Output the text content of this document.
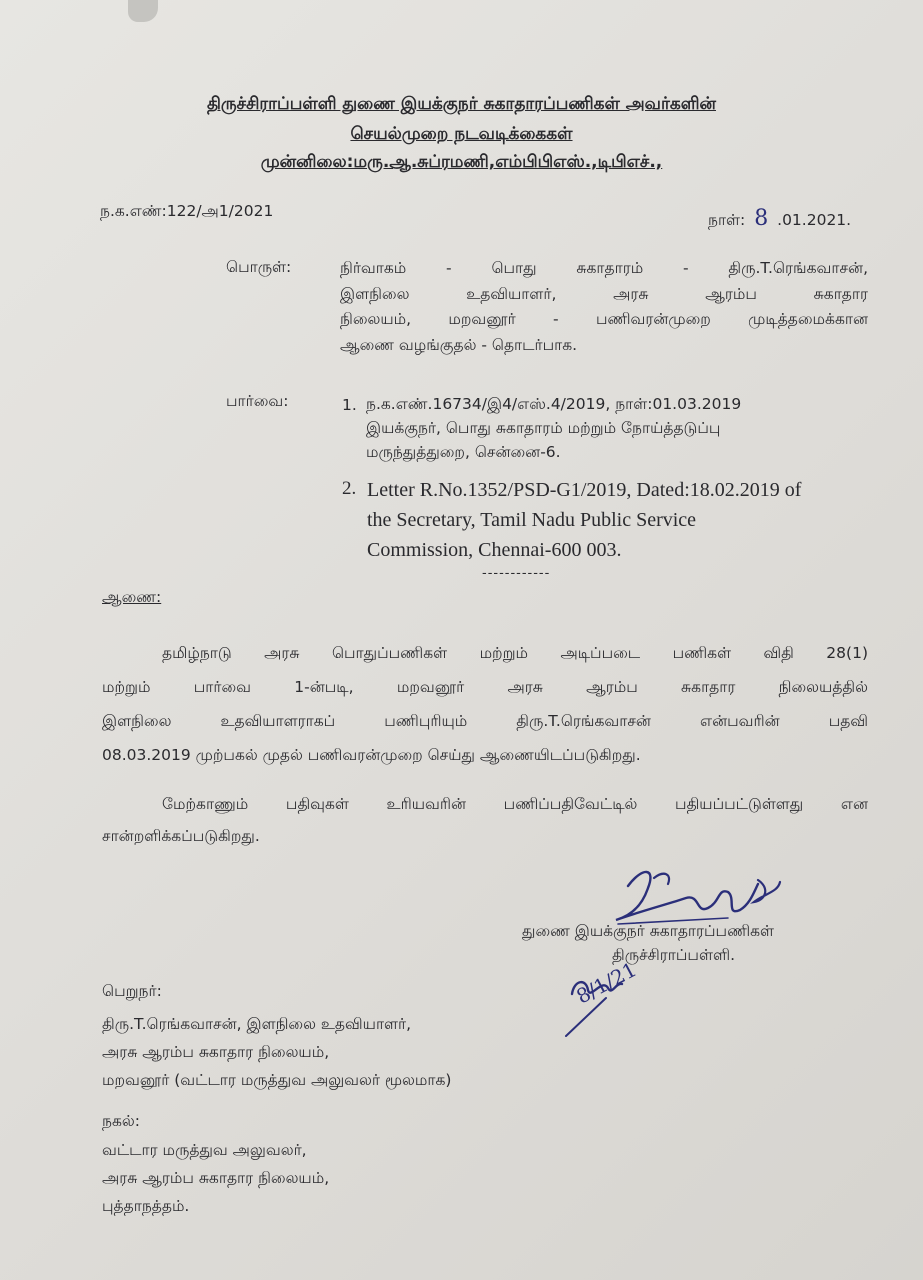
திருச்சிராப்பள்ளி துணை இயக்குநர் சுகாதாரப்பணிகள் அவர்களின்

செயல்முறை நடவடிக்கைகள்

முன்னிலை:மரு.ஆ.சுப்ரமணி,எம்பிபிஎஸ்.,டிபிஎச்.,

ந.க.எண்:122/அ1/2021	நாள்: 8 .01.2021.

பொருள்:	நிர்வாகம் - பொது சுகாதாரம் - திரு.T.ரெங்கவாசன்,
இளநிலை உதவியாளர், அரசு ஆரம்ப சுகாதார
நிலையம், மறவனூர் - பணிவரன்முறை முடித்தமைக்கான
ஆணை வழங்குதல் - தொடர்பாக.

பார்வை:	1. ந.க.எண்.16734/இ4/எஸ்.4/2019, நாள்:01.03.2019
இயக்குநர், பொது சுகாதாரம் மற்றும் நோய்த்தடுப்பு
மருந்துத்துறை, சென்னை-6.

2. Letter R.No.1352/PSD-G1/2019, Dated:18.02.2019 of
the Secretary, Tamil Nadu Public Service
Commission, Chennai-600 003.

------------

ஆணை:

தமிழ்நாடு அரசு பொதுப்பணிகள் மற்றும் அடிப்படை பணிகள் விதி 28(1)
மற்றும் பார்வை 1-ன்படி, மறவனூர் அரசு ஆரம்ப சுகாதார நிலையத்தில்
இளநிலை உதவியாளராகப் பணிபுரியும் திரு.T.ரெங்கவாசன் என்பவரின் பதவி
08.03.2019 முற்பகல் முதல் பணிவரன்முறை செய்து ஆணையிடப்படுகிறது.
மேற்காணும் பதிவுகள் உரியவரின் பணிப்பதிவேட்டில் பதியப்பட்டுள்ளது என
சான்றளிக்கப்படுகிறது.

துணை இயக்குநர் சுகாதாரப்பணிகள்

திருச்சிராப்பள்ளி.

8/1/21

பெறுநர்:

திரு.T.ரெங்கவாசன், இளநிலை உதவியாளர்,
அரசு ஆரம்ப சுகாதார நிலையம்,
மறவனூர் (வட்டார மருத்துவ அலுவலர் மூலமாக)

நகல்:

வட்டார மருத்துவ அலுவலர்,
அரசு ஆரம்ப சுகாதார நிலையம்,
புத்தாநத்தம்.
